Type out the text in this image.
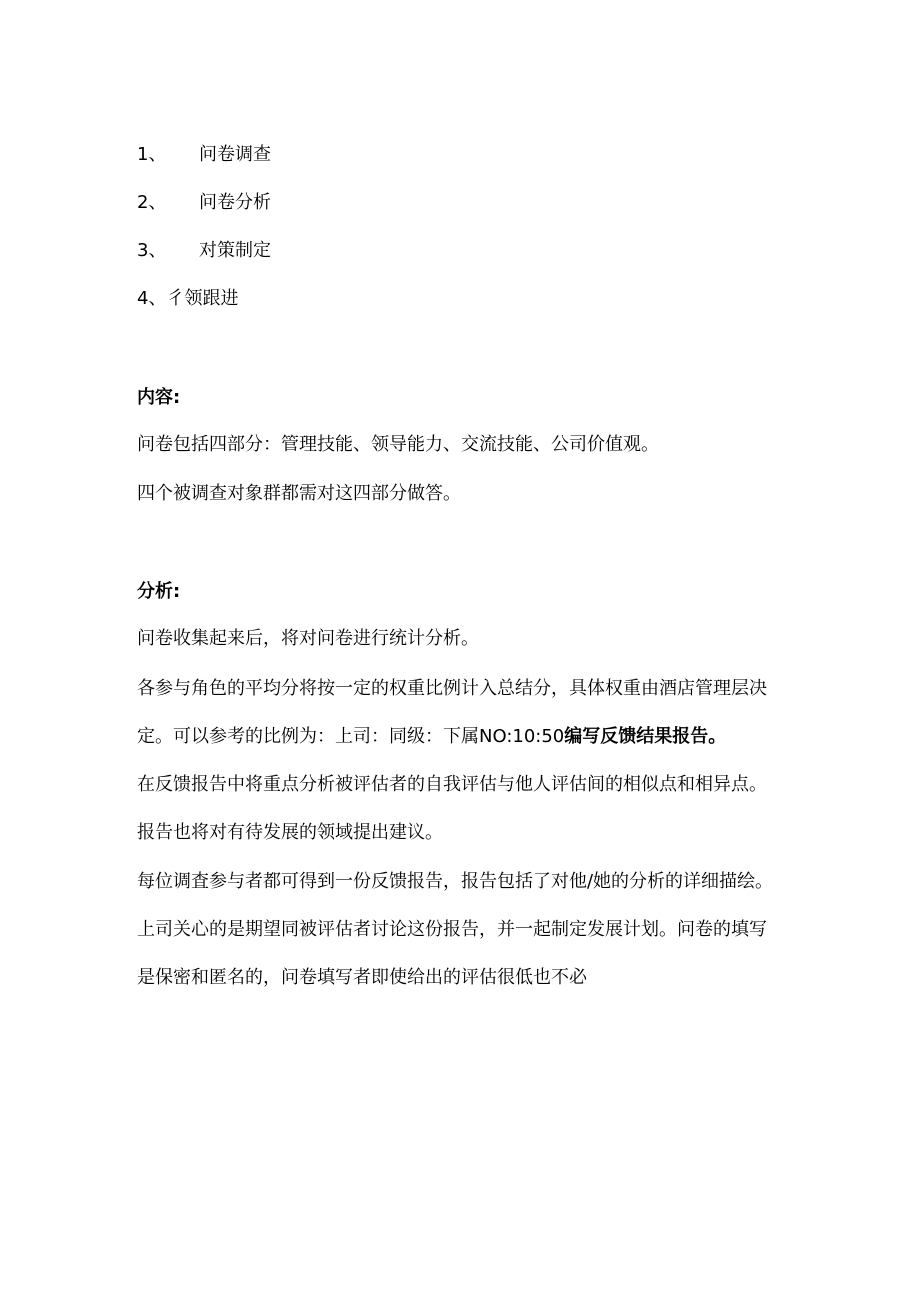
1、 问卷调查
2、 问卷分析
3、 对策制定
4、彳领跟进
内容:
问卷包括四部分：管理技能、领导能力、交流技能、公司价值观。
四个被调查对象群都需对这四部分做答。
分析:
问卷收集起来后，将对问卷进行统计分析。
各参与角色的平均分将按一定的权重比例计入总结分，具体权重由酒店管理层决
定。可以参考的比例为：上司：同级：下属NO:10:50编写反馈结果报告。
在反馈报告中将重点分析被评估者的自我评估与他人评估间的相似点和相异点。
报告也将对有待发展的领域提出建议。
每位调査参与者都可得到一份反馈报告，报告包括了对他/她的分析的详细描绘。
上司关心的是期望同被评估者讨论这份报告，并一起制定发展计划。问卷的填写
是保密和匿名的，问卷填写者即使给出的评估很低也不必
